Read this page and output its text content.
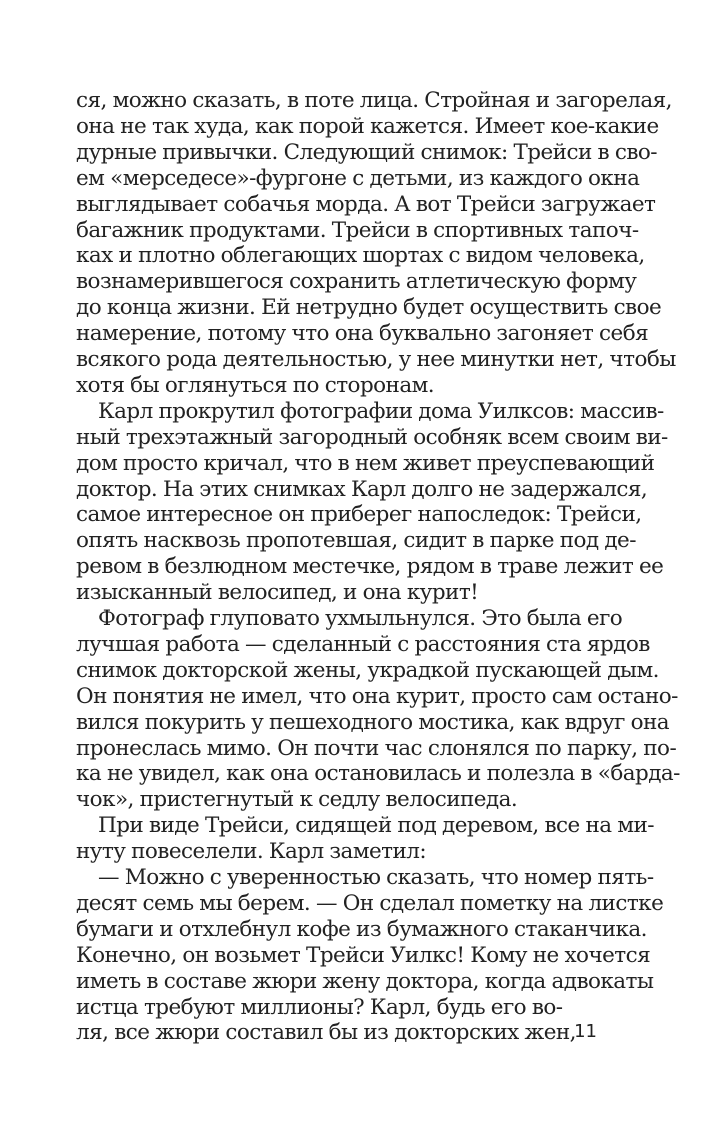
ся, можно сказать, в поте лица. Стройная и загорелая,
она не так худа, как порой кажется. Имеет кое-какие
дурные привычки. Следующий снимок: Трейси в сво-
ем «мерседесе»-фургоне с детьми, из каждого окна
выглядывает собачья морда. А вот Трейси загружает
багажник продуктами. Трейси в спортивных тапоч-
ках и плотно облегающих шортах с видом человека,
вознамерившегося сохранить атлетическую форму
до конца жизни. Ей нетрудно будет осуществить свое
намерение, потому что она буквально загоняет себя
всякого рода деятельностью, у нее минутки нет, чтобы
хотя бы оглянуться по сторонам.
Карл прокрутил фотографии дома Уилксов: массив-
ный трехэтажный загородный особняк всем своим ви-
дом просто кричал, что в нем живет преуспевающий
доктор. На этих снимках Карл долго не задержался,
самое интересное он приберег напоследок: Трейси,
опять насквозь пропотевшая, сидит в парке под де-
ревом в безлюдном местечке, рядом в траве лежит ее
изысканный велосипед, и она курит!
Фотограф глуповато ухмыльнулся. Это была его
лучшая работа — сделанный с расстояния ста ярдов
снимок докторской жены, украдкой пускающей дым.
Он понятия не имел, что она курит, просто сам остано-
вился покурить у пешеходного мостика, как вдруг она
пронеслась мимо. Он почти час слонялся по парку, по-
ка не увидел, как она остановилась и полезла в «барда-
чок», пристегнутый к седлу велосипеда.
При виде Трейси, сидящей под деревом, все на ми-
нуту повеселели. Карл заметил:
— Можно с уверенностью сказать, что номер пять-
десят семь мы берем. — Он сделал пометку на листке
бумаги и отхлебнул кофе из бумажного стаканчика.
Конечно, он возьмет Трейси Уилкс! Кому не хочется
иметь в составе жюри жену доктора, когда адвокаты
истца требуют миллионы? Карл, будь его во-
ля, все жюри составил бы из докторских жен,
11
